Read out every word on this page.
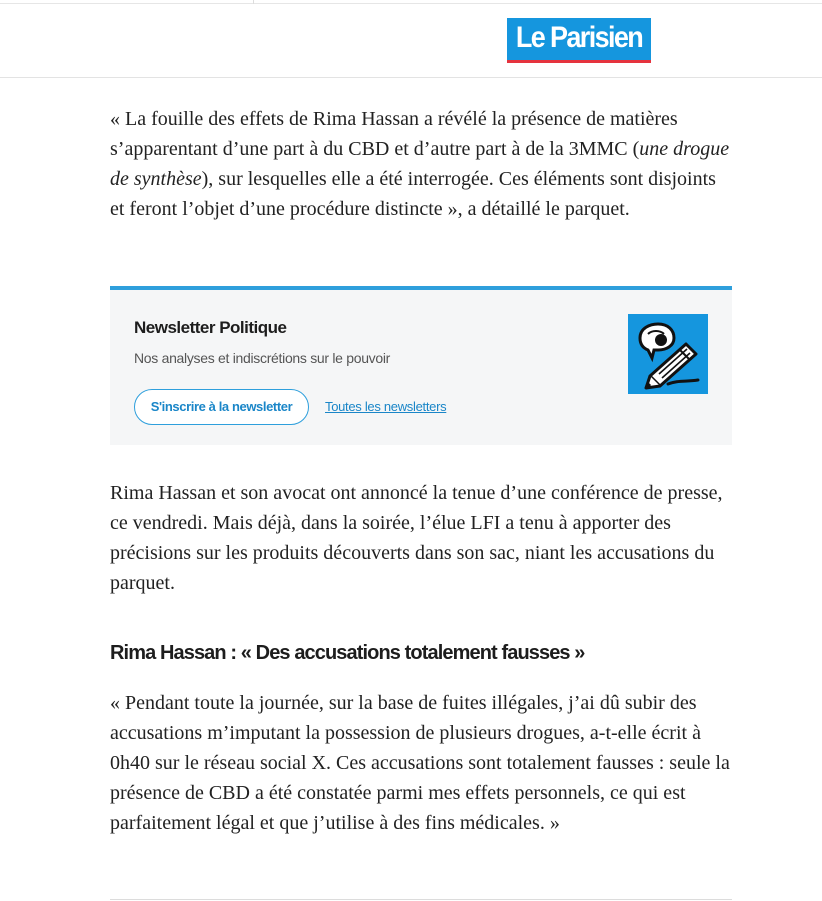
Le Parisien

« La fouille des effets de Rima Hassan a révélé la présence de matières s’apparentant d’une part à du CBD et d’autre part à de la 3MMC (une drogue de synthèse), sur lesquelles elle a été interrogée. Ces éléments sont disjoints et feront l’objet d’une procédure distincte », a détaillé le parquet.

Newsletter Politique
Nos analyses et indiscrétions sur le pouvoir
S'inscrire à la newsletter	Toutes les newsletters

Rima Hassan et son avocat ont annoncé la tenue d’une conférence de presse, ce vendredi. Mais déjà, dans la soirée, l’élue LFI a tenu à apporter des précisions sur les produits découverts dans son sac, niant les accusations du parquet.

Rima Hassan : « Des accusations totalement fausses »

« Pendant toute la journée, sur la base de fuites illégales, j’ai dû subir des accusations m’imputant la possession de plusieurs drogues, a-t-elle écrit à 0h40 sur le réseau social X. Ces accusations sont totalement fausses : seule la présence de CBD a été constatée parmi mes effets personnels, ce qui est parfaitement légal et que j’utilise à des fins médicales. »
